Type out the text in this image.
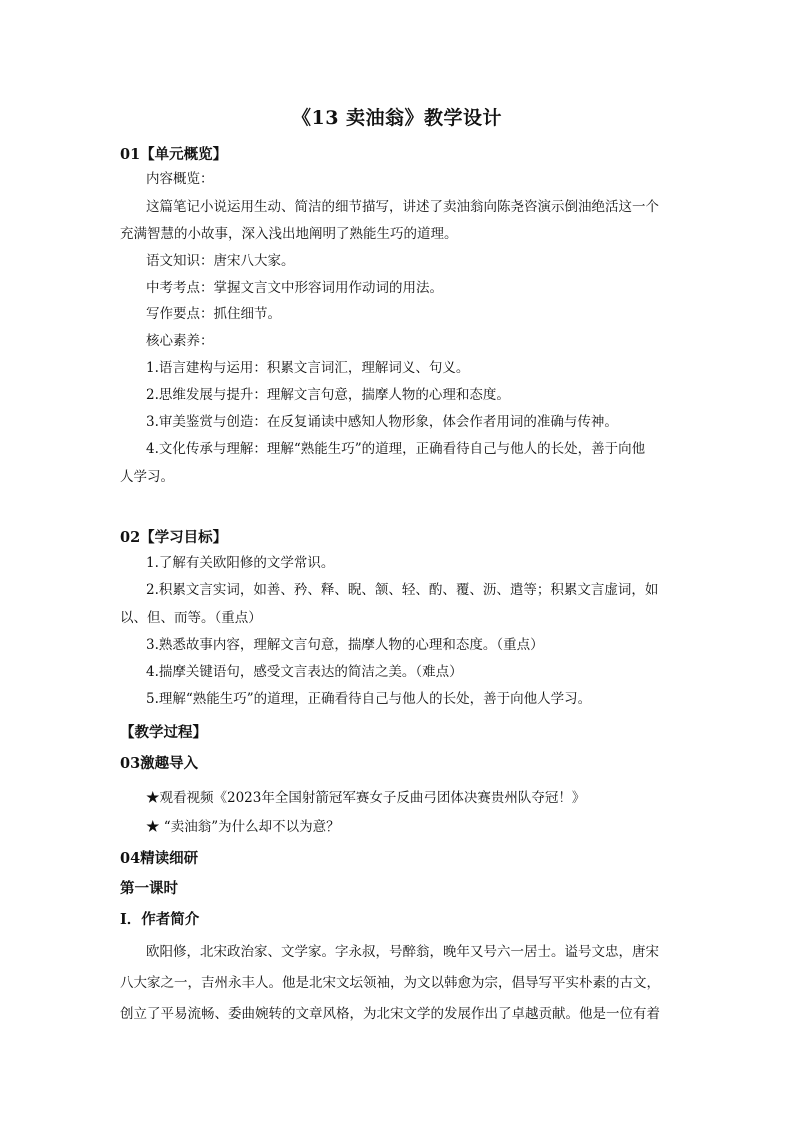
《13 卖油翁》教学设计
01【单元概览】
内容概览：
这篇笔记小说运用生动、简洁的细节描写，讲述了卖油翁向陈尧咨演示倒油绝活这一个
充满智慧的小故事，深入浅出地阐明了熟能生巧的道理。
语文知识：唐宋八大家。
中考考点：掌握文言文中形容词用作动词的用法。
写作要点：抓住细节。
核心素养：
1.语言建构与运用：积累文言词汇，理解词义、句义。
2.思维发展与提升：理解文言句意，揣摩人物的心理和态度。
3.审美鉴赏与创造：在反复诵读中感知人物形象，体会作者用词的准确与传神。
4.文化传承与理解：理解“熟能生巧”的道理，正确看待自己与他人的长处，善于向他
人学习。
02【学习目标】
1.了解有关欧阳修的文学常识。
2.积累文言实词，如善、矜、释、睨、颔、轻、酌、覆、沥、遣等；积累文言虚词，如
以、但、而等。（重点）
3.熟悉故事内容，理解文言句意，揣摩人物的心理和态度。（重点）
4.揣摩关键语句，感受文言表达的简洁之美。（难点）
5.理解“熟能生巧”的道理，正确看待自己与他人的长处，善于向他人学习。
【教学过程】
03激趣导入
★观看视频《2023年全国射箭冠军赛女子反曲弓团体决赛贵州队夺冠！》
★ “卖油翁”为什么却不以为意？
04精读细研
第一课时
Ⅰ．作者简介
欧阳修，北宋政治家、文学家。字永叔，号醉翁，晚年又号六一居士。谥号文忠，唐宋
八大家之一，吉州永丰人。他是北宋文坛领袖，为文以韩愈为宗，倡导写平实朴素的古文，
创立了平易流畅、委曲婉转的文章风格，为北宋文学的发展作出了卓越贡献。他是一位有着
